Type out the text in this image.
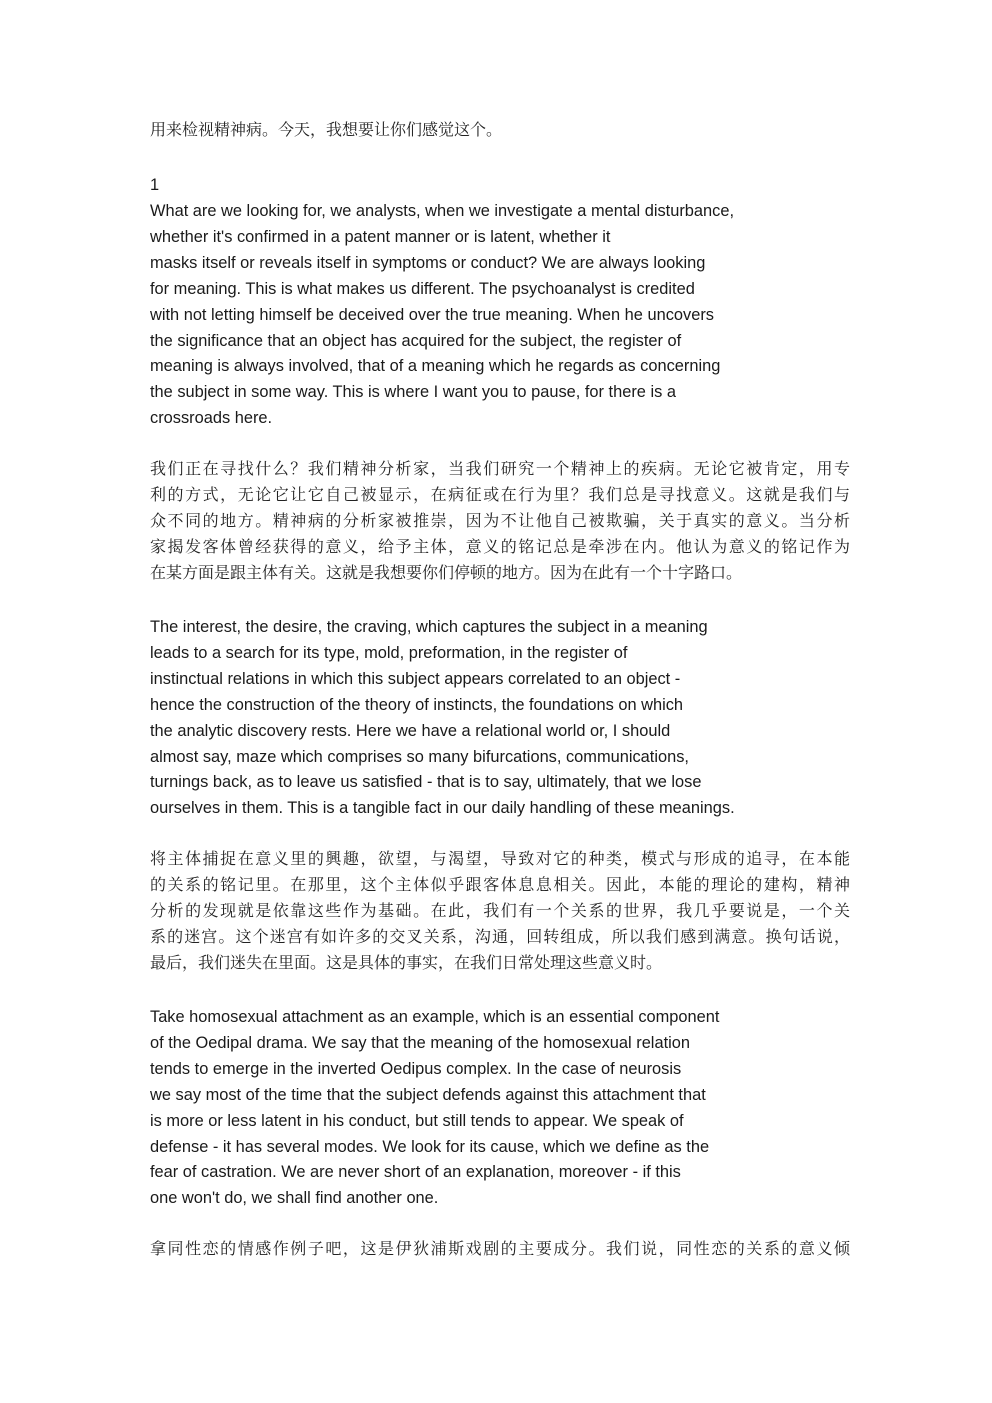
用来检视精神病。今天，我想要让你们感觉这个。

1

What are we looking for, we analysts, when we investigate a mental disturbance,
whether it's confirmed in a patent manner or is latent, whether it
masks itself or reveals itself in symptoms or conduct? We are always looking
for meaning. This is what makes us different. The psychoanalyst is credited
with not letting himself be deceived over the true meaning. When he uncovers
the significance that an object has acquired for the subject, the register of
meaning is always involved, that of a meaning which he regards as concerning
the subject in some way. This is where I want you to pause, for there is a
crossroads here.

我们正在寻找什么？我们精神分析家，当我们研究一个精神上的疾病。无论它被肯定，用专
利的方式，无论它让它自己被显示，在病征或在行为里？我们总是寻找意义。这就是我们与
众不同的地方。精神病的分析家被推崇，因为不让他自己被欺骗，关于真实的意义。当分析
家揭发客体曾经获得的意义，给予主体，意义的铭记总是牵涉在内。他认为意义的铭记作为
在某方面是跟主体有关。这就是我想要你们停顿的地方。因为在此有一个十字路口。

The interest, the desire, the craving, which captures the subject in a meaning
leads to a search for its type, mold, preformation, in the register of
instinctual relations in which this subject appears correlated to an object -
hence the construction of the theory of instincts, the foundations on which
the analytic discovery rests. Here we have a relational world or, I should
almost say, maze which comprises so many bifurcations, communications,
turnings back, as to leave us satisfied - that is to say, ultimately, that we lose
ourselves in them. This is a tangible fact in our daily handling of these meanings.

将主体捕捉在意义里的興趣，欲望，与渴望，导致对它的种类，模式与形成的追寻，在本能
的关系的铭记里。在那里，这个主体似乎跟客体息息相关。因此，本能的理论的建构，精神
分析的发现就是依靠这些作为基础。在此，我们有一个关系的世界，我几乎要说是，一个关
系的迷宫。这个迷宫有如许多的交叉关系，沟通，回转组成，所以我们感到满意。换句话说，
最后，我们迷失在里面。这是具体的事实，在我们日常处理这些意义时。

Take homosexual attachment as an example, which is an essential component
of the Oedipal drama. We say that the meaning of the homosexual relation
tends to emerge in the inverted Oedipus complex. In the case of neurosis
we say most of the time that the subject defends against this attachment that
is more or less latent in his conduct, but still tends to appear. We speak of
defense - it has several modes. We look for its cause, which we define as the
fear of castration. We are never short of an explanation, moreover - if this
one won't do, we shall find another one.

拿同性恋的情感作例子吧，这是伊狄浦斯戏剧的主要成分。我们说，同性恋的关系的意义倾
